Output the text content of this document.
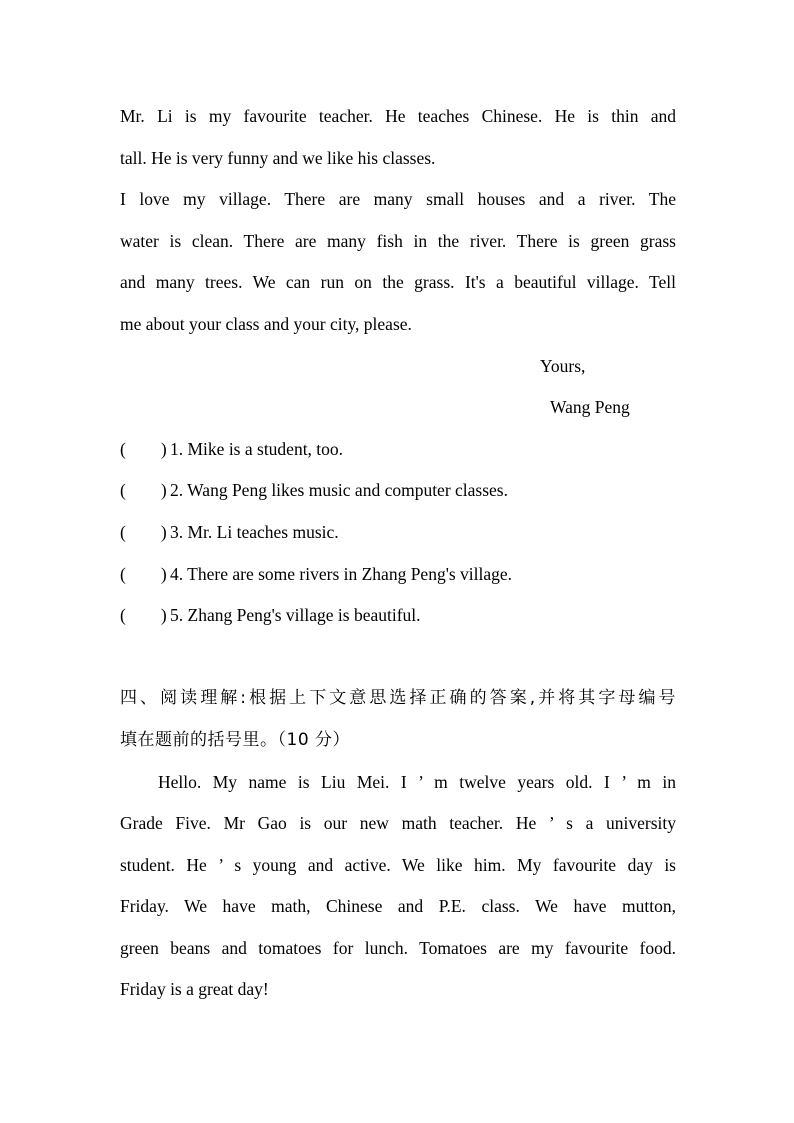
Mr. Li is my favourite teacher. He teaches Chinese. He is thin and
tall. He is very funny and we like his classes.
I love my village. There are many small houses and a river. The
water is clean. There are many fish in the river. There is green grass
and many trees. We can run on the grass. It's a beautiful village. Tell
me about your class and your city, please.
Yours,
Wang Peng
(        ) 1. Mike is a student, too.
(        ) 2. Wang Peng likes music and computer classes.
(        ) 3. Mr. Li teaches music.
(        ) 4. There are some rivers in Zhang Peng's village.
(        ) 5. Zhang Peng's village is beautiful.
四、阅读理解:根据上下文意思选择正确的答案,并将其字母编号
填在题前的括号里。（10 分）
Hello. My name is Liu Mei. I ’ m twelve years old. I ’ m in
Grade Five. Mr Gao is our new math teacher. He ’ s a university
student. He ’ s young and active. We like him. My favourite day is
Friday. We have math, Chinese and P.E. class. We have mutton,
green beans and tomatoes for lunch. Tomatoes are my favourite food.
Friday is a great day!
